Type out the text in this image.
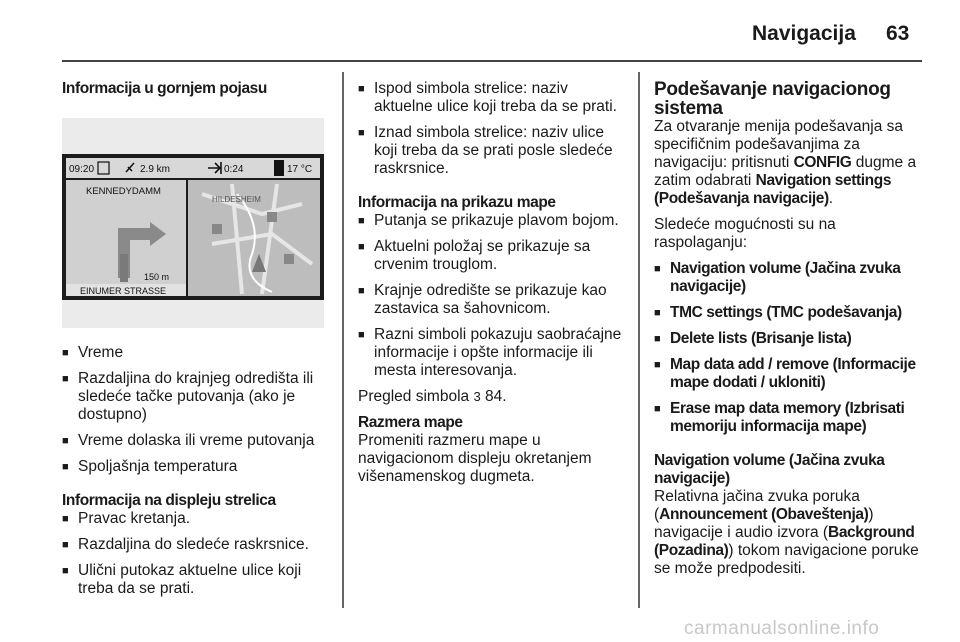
Navigacija 63

Informacija u gornjem pojasu

09:20	2.9 km	0:24	17 °C
KENNEDYDAMM
150 m
EINUMER STRASSE
HILDESHEIM

■ Vreme

■ Razdaljina do krajnjeg odredišta ili sledeće tačke putovanja (ako je dostupno)

■ Vreme dolaska ili vreme putovanja

■ Spoljašnja temperatura

Informacija na displeju strelica

■ Pravac kretanja.

■ Razdaljina do sledeće raskrsnice.

■ Ulični putokaz aktuelne ulice koji treba da se prati.

■ Ispod simbola strelice: naziv aktuelne ulice koji treba da se prati.

■ Iznad simbola strelice: naziv ulice koji treba da se prati posle sledeće raskrsnice.

Informacija na prikazu mape

■ Putanja se prikazuje plavom bojom.

■ Aktuelni položaj se prikazuje sa crvenim trouglom.

■ Krajnje odredište se prikazuje kao zastavica sa šahovnicom.

■ Razni simboli pokazuju saobraćajne informacije i opšte informacije ili mesta interesovanja.

Pregled simbola 3 84.

Razmera mape

Promeniti razmeru mape u navigacionom displeju okretanjem višenamenskog dugmeta.

Podešavanje navigacionog sistema

Za otvaranje menija podešavanja sa specifičnim podešavanjima za navigaciju: pritisnuti CONFIG dugme a zatim odabrati Navigation settings (Podešavanja navigacije).

Sledeće mogućnosti su na raspolaganju:

■ Navigation volume (Jačina zvuka navigacije)

■ TMC settings (TMC podešavanja)

■ Delete lists (Brisanje lista)

■ Map data add / remove (Informacije mape dodati / ukloniti)

■ Erase map data memory (Izbrisati memoriju informacija mape)

Navigation volume (Jačina zvuka navigacije)

Relativna jačina zvuka poruka (Announcement (Obaveštenja)) navigacije i audio izvora (Background (Pozadina)) tokom navigacione poruke se može predpodesiti.

carmanualsonline.info
